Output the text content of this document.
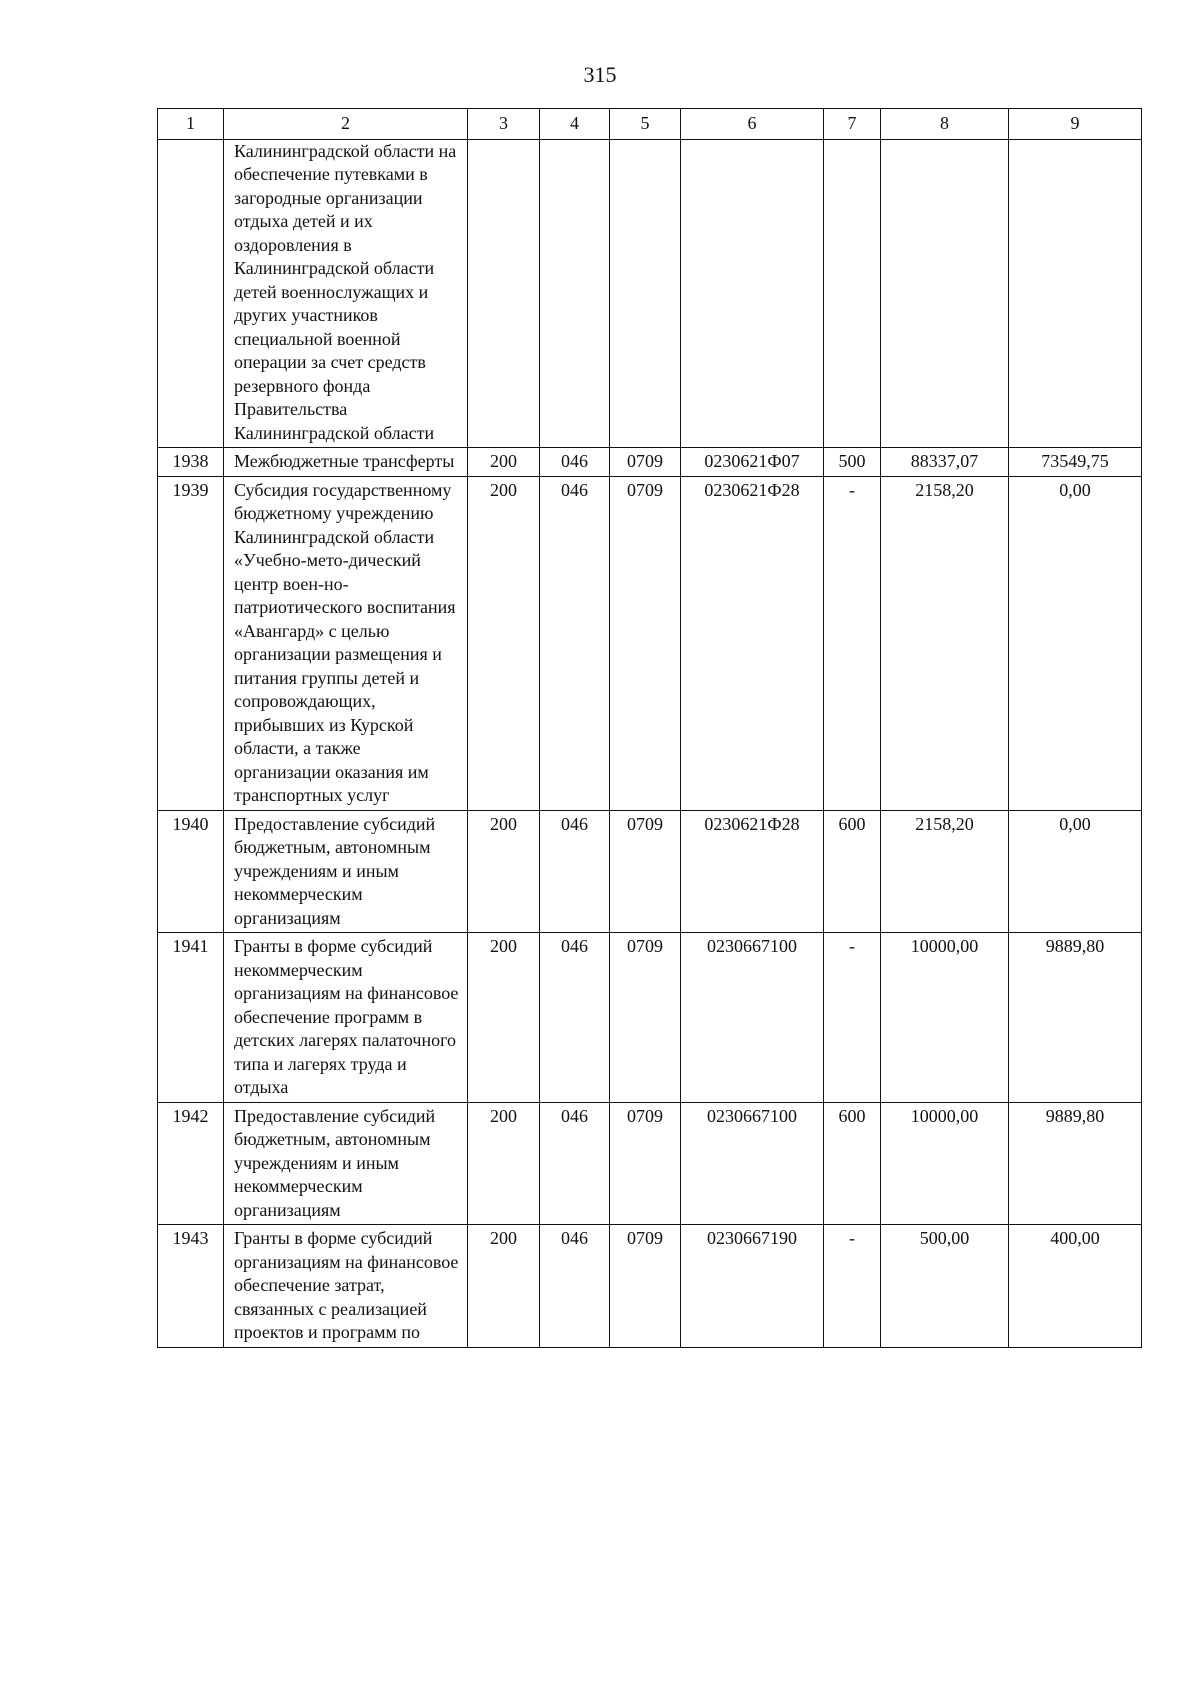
315
1	2	3	4	5	6	7	8	9
	Калининградской области на обеспечение путевками в загородные организации отдыха детей и их оздоровления в Калининградской области детей военнослужащих и других участников специальной военной операции за счет средств резервного фонда Правительства Калининградской области							
1938	Межбюджетные трансферты	200	046	0709	0230621Ф07	500	88337,07	73549,75
1939	Субсидия государственному бюджетному учреждению Калининградской области «Учебно-мето-дический центр воен-но-патриотического воспитания «Авангард» с целью организации размещения и питания группы детей и сопровождающих, прибывших из Курской области, а также организации оказания им транспортных услуг	200	046	0709	0230621Ф28	-	2158,20	0,00
1940	Предоставление субсидий бюджетным, автономным учреждениям и иным некоммерческим организациям	200	046	0709	0230621Ф28	600	2158,20	0,00
1941	Гранты в форме субсидий некоммерческим организациям на финансовое обеспечение программ в детских лагерях палаточного типа и лагерях труда и отдыха	200	046	0709	0230667100	-	10000,00	9889,80
1942	Предоставление субсидий бюджетным, автономным учреждениям и иным некоммерческим организациям	200	046	0709	0230667100	600	10000,00	9889,80
1943	Гранты в форме субсидий организациям на финансовое обеспечение затрат, связанных с реализацией проектов и программ по	200	046	0709	0230667190	-	500,00	400,00
